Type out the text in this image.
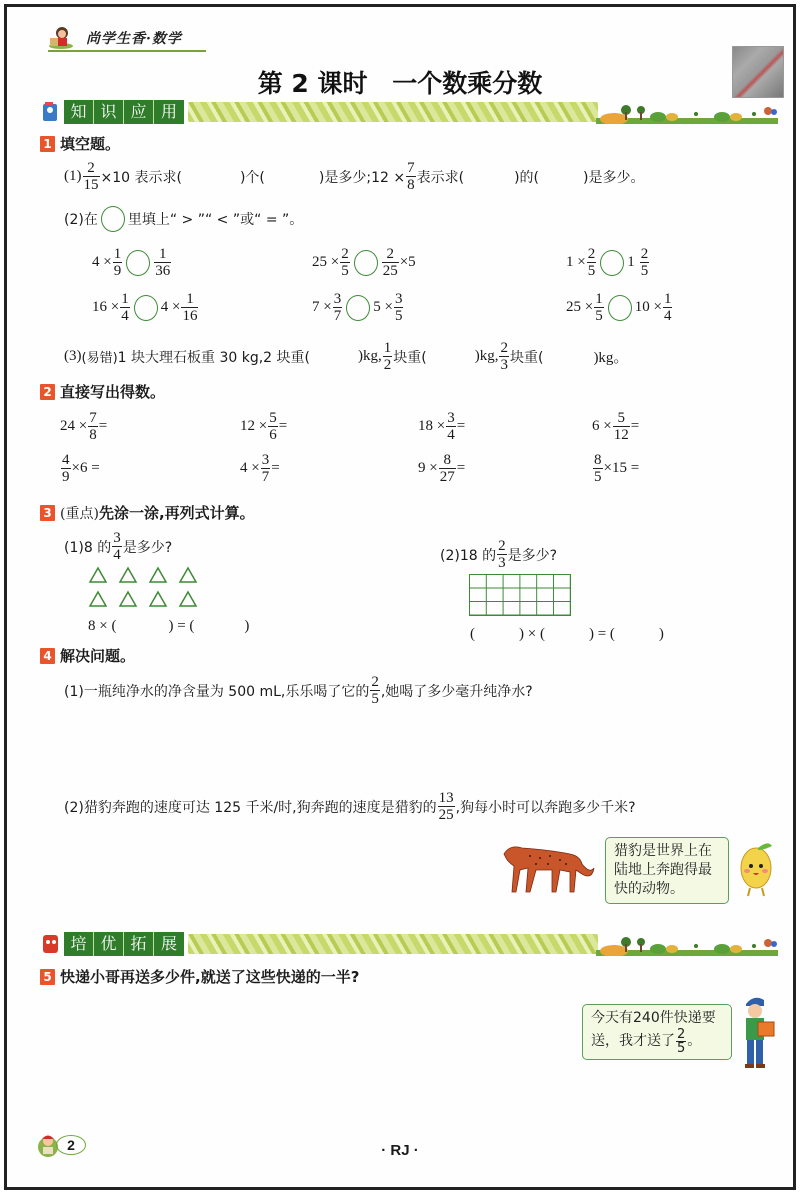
尚学生香·数学
第 2 课时 一个数乘分数
知 识 应 用
1 填空题。
$(1) \frac{2}{15} \times 10$ 表示求(	)个(	)是多少;12 × $\frac{7}{8}$ 表示求(	)的(	)是多少。
(2)在 里填上“ > ”“ < ”或“ = ”。
$4 \times \frac{1}{9} \frac{1}{36}$	$25 \times \frac{2}{5} \frac{2}{25} \times 5$	$1 \times \frac{2}{5} 1 \frac{2}{5}$
$16 \times \frac{1}{4} 4 \times \frac{1}{16}$	$7 \times \frac{3}{7} 5 \times \frac{3}{5}$	$25 \times \frac{1}{5} 10 \times \frac{1}{4}$
(3) (易错) 1 块大理石板重 30 kg,2 块重(	)kg, $\frac{1}{2}$ 块重(	)kg, $\frac{2}{3}$ 块重(	)kg。
2 直接写出得数。
$24 \times \frac{7}{8}$ =	$12 \times \frac{5}{6}$ =	$18 \times \frac{3}{4}$ =	$6 \times \frac{5}{12}$ =
$\frac{4}{9} \times 6$ =	$4 \times \frac{3}{7}$ =	$9 \times \frac{8}{27}$ =	$\frac{8}{5} \times 15$ =
3 (重点) 先涂一涂,再列式计算。
(1)8 的 $\frac{3}{4}$ 是多少?
8 × (	) = (	)
(2)18 的 $\frac{2}{3}$ 是多少?
(	) × (	) = (	)
4 解决问题。
(1)一瓶纯净水的净含量为 500 mL,乐乐喝了它的 $\frac{2}{5}$ ,她喝了多少毫升纯净水?
(2)猎豹奔跑的速度可达 125 千米/时,狗奔跑的速度是猎豹的 $\frac{13}{25}$ ,狗每小时可以奔跑多少千米?
猎豹是世界上在
陆地上奔跑得最
快的动物。
培 优 拓 展
5 快递小哥再送多少件,就送了这些快递的一半?
今天有240件快递要
送，我才送了 $\frac{2}{5}$ 。
2	· RJ ·
